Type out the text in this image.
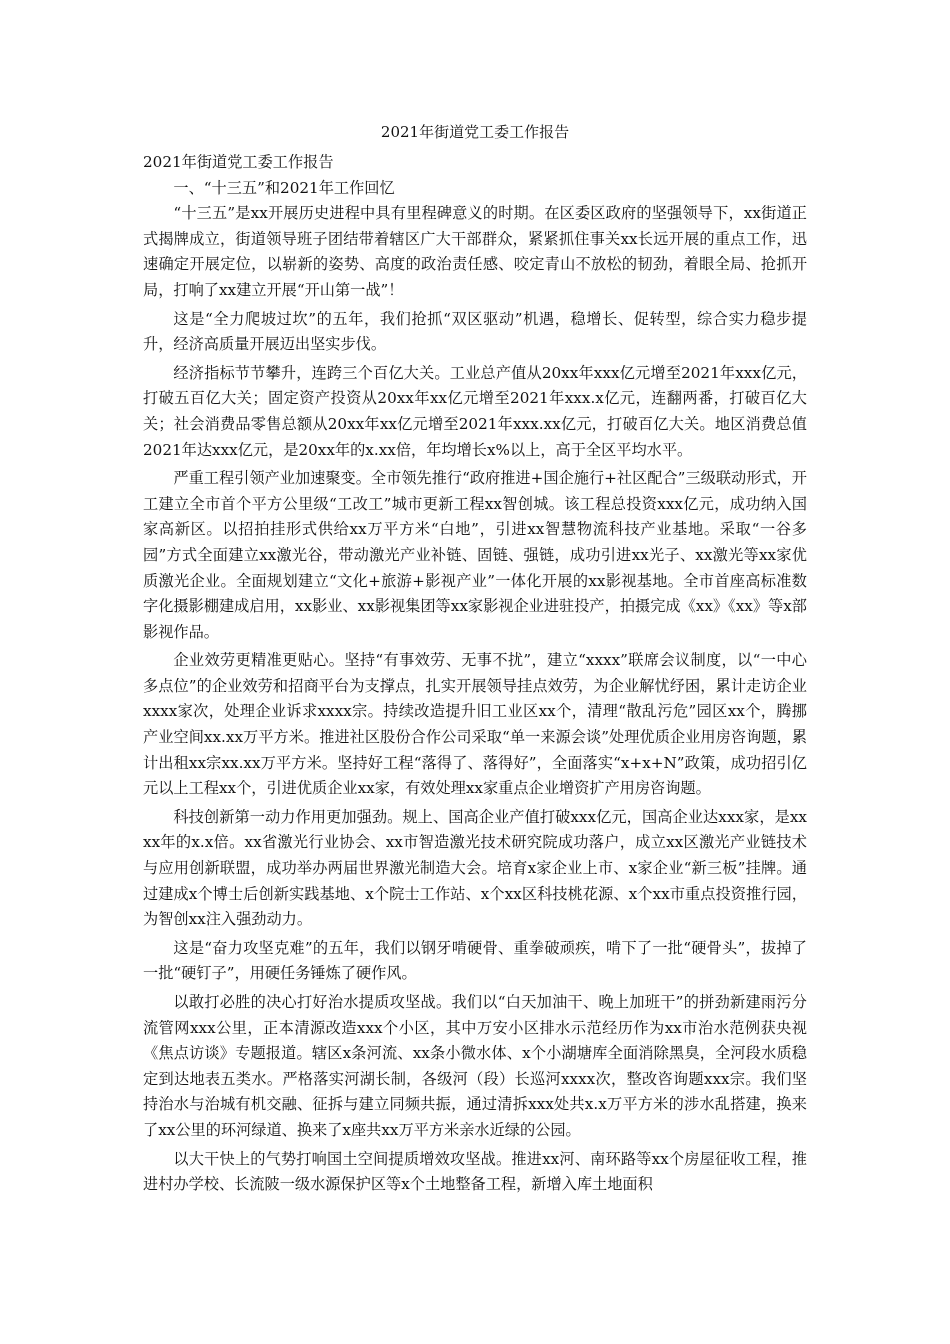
2021年街道党工委工作报告

2021年街道党工委工作报告

一、“十三五”和2021年工作回忆

“十三五”是xx开展历史进程中具有里程碑意义的时期。在区委区政府的坚强领导下，xx街道正式揭牌成立，街道领导班子团结带着辖区广大干部群众，紧紧抓住事关xx长远开展的重点工作，迅速确定开展定位，以崭新的姿势、高度的政治责任感、咬定青山不放松的韧劲，着眼全局、抢抓开局，打响了xx建立开展“开山第一战”！

这是“全力爬坡过坎”的五年，我们抢抓“双区驱动”机遇，稳增长、促转型，综合实力稳步提升，经济高质量开展迈出坚实步伐。

经济指标节节攀升，连跨三个百亿大关。工业总产值从20xx年xxx亿元增至2021年xxx亿元，打破五百亿大关；固定资产投资从20xx年xx亿元增至2021年xxx.x亿元，连翻两番，打破百亿大关；社会消费品零售总额从20xx年xx亿元增至2021年xxx.xx亿元，打破百亿大关。地区消费总值2021年达xxx亿元，是20xx年的x.xx倍，年均增长x%以上，高于全区平均水平。

严重工程引领产业加速聚变。全市领先推行“政府推进+国企施行+社区配合”三级联动形式，开工建立全市首个平方公里级“工改工”城市更新工程xx智创城。该工程总投资xxx亿元，成功纳入国家高新区。以招拍挂形式供给xx万平方米“白地”，引进xx智慧物流科技产业基地。采取“一谷多园”方式全面建立xx激光谷，带动激光产业补链、固链、强链，成功引进xx光子、xx激光等xx家优质激光企业。全面规划建立“文化+旅游+影视产业”一体化开展的xx影视基地。全市首座高标准数字化摄影棚建成启用，xx影业、xx影视集团等xx家影视企业进驻投产，拍摄完成《xx》《xx》等x部影视作品。

企业效劳更精准更贴心。坚持“有事效劳、无事不扰”，建立“xxxx”联席会议制度，以“一中心多点位”的企业效劳和招商平台为支撑点，扎实开展领导挂点效劳，为企业解忧纾困，累计走访企业xxxx家次，处理企业诉求xxxx宗。持续改造提升旧工业区xx个，清理“散乱污危”园区xx个，腾挪产业空间xx.xx万平方米。推进社区股份合作公司采取“单一来源会谈”处理优质企业用房咨询题，累计出租xx宗xx.xx万平方米。坚持好工程“落得了、落得好”，全面落实“x+x+N”政策，成功招引亿元以上工程xx个，引进优质企业xx家，有效处理xx家重点企业增资扩产用房咨询题。

科技创新第一动力作用更加强劲。规上、国高企业产值打破xxx亿元，国高企业达xxx家，是xxxx年的x.x倍。xx省激光行业协会、xx市智造激光技术研究院成功落户，成立xx区激光产业链技术与应用创新联盟，成功举办两届世界激光制造大会。培育x家企业上市、x家企业“新三板”挂牌。通过建成x个博士后创新实践基地、x个院士工作站、x个xx区科技桃花源、x个xx市重点投资推行园，为智创xx注入强劲动力。

这是“奋力攻坚克难”的五年，我们以钢牙啃硬骨、重拳破顽疾，啃下了一批“硬骨头”，拔掉了一批“硬钉子”，用硬任务锤炼了硬作风。

以敢打必胜的决心打好治水提质攻坚战。我们以“白天加油干、晚上加班干”的拼劲新建雨污分流管网xxx公里，正本清源改造xxx个小区，其中万安小区排水示范经历作为xx市治水范例获央视《焦点访谈》专题报道。辖区x条河流、xx条小微水体、x个小湖塘库全面消除黑臭，全河段水质稳定到达地表五类水。严格落实河湖长制，各级河（段）长巡河xxxx次，整改咨询题xxx宗。我们坚持治水与治城有机交融、征拆与建立同频共振，通过清拆xxx处共x.x万平方米的涉水乱搭建，换来了xx公里的环河绿道、换来了x座共xx万平方米亲水近绿的公园。

以大干快上的气势打响国土空间提质增效攻坚战。推进xx河、南环路等xx个房屋征收工程，推进村办学校、长流陂一级水源保护区等x个土地整备工程，新增入库土地面积
